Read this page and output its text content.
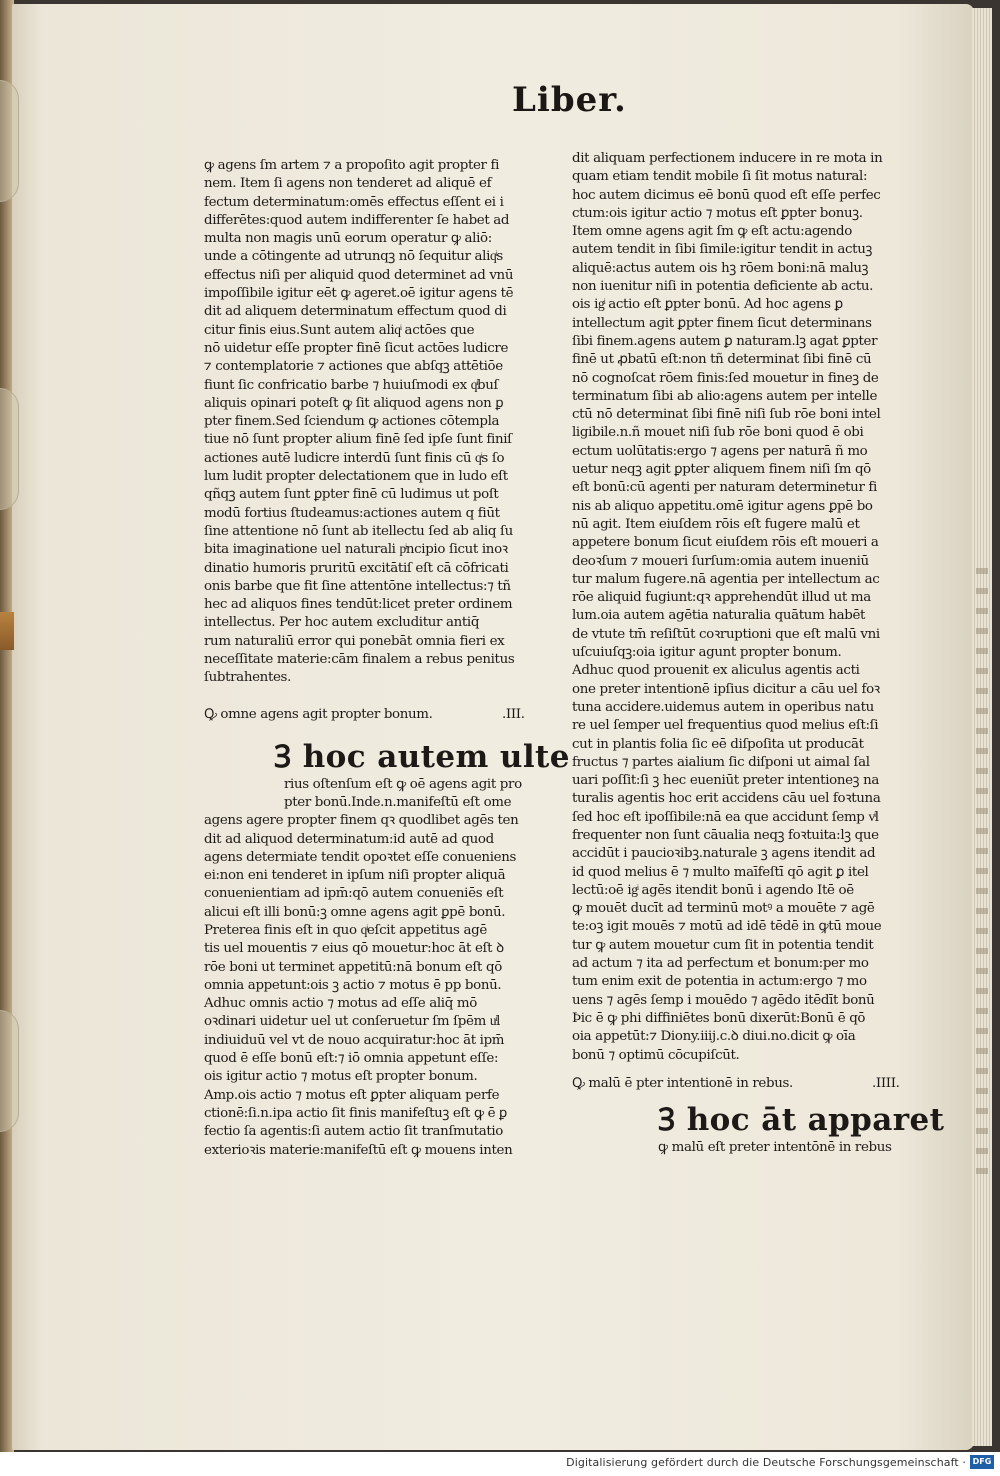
Liber.
ꝙ agens ſm artem ⁊ a propoſito agit propter fi
nem. Item ſi agens non tenderet ad aliquē ef
fectum determinatum:omēs effectus eſſent ei i
differētes:quod autem indifferenter ſe habet ad
multa non magis unū eorum operatur ꝙ aliō:
unde a cōtingente ad utrunqꝫ nō ſequitur aliqͥs
effectus niſi per aliquid quod determinet ad vnū
impoſſibile igitur eēt ꝙ ageret.oē igitur agens tē
dit ad aliquem determinatum effectum quod di
citur finis eius.Sunt autem aliqͥ actōes que
nō uidetur eſſe propter finē ſicut actōes ludicre
⁊ contemplatorie ⁊ actiones que abſqꝫ attētiōe
fiunt ſic confricatio barbe ⁊ huiuſmodi ex qͥbuſ
aliquis opinari poteſt ꝙ ſit aliquod agens non ꝑ
pter finem.Sed ſciendum ꝙ actiones cōtempla
tiue nō ſunt propter alium finē ſed ipſe ſunt finiſ
actiones autē ludicre interdū ſunt finis cū qͥs ſo
lum ludit propter delectationem que in ludo eſt
qñqꝫ autem ſunt ꝑpter finē cū ludimus ut poſt
modū fortius ſtudeamus:actiones autem q fiūt
ſine attentione nō ſunt ab itellectu ſed ab aliq ſu
bita imaginatione uel naturali pͥncipio ſicut inoꝛ
dinatio humoris pruritū excitātiſ eſt cā cōfricati
onis barbe que fit ſine attentōne intellectus:⁊ tñ
hec ad aliquos fines tendūt:licet preter ordinem
intellectus. Per hoc autem excluditur antiq̄
rum naturaliū error qui ponebāt omnia fieri ex
neceſſitate materie:cām finalem a rebus penitus
ſubtrahentes.
Ꝙ omne agens agit propter bonum.	.III.
Ꝫ hoc autem ulte
rius oſtenſum eſt ꝙ oē agens agit pro
pter bonū.Inde.n.manifeſtū eſt ome
agens agere propter finem qꝛ quodlibet agēs ten
dit ad aliquod determinatum:id autē ad quod
agens determiate tendit opoꝛtet eſſe conueniens
ei:non eni tenderet in ipſum niſi propter aliquā
conuenientiam ad ipm̄:qō autem conueniēs eſt
alicui eſt illi bonū:ꝫ omne agens agit ꝑpē bonū.
Preterea finis eſt in quo qͥeſcit appetitus agē
tis uel mouentis ⁊ eius qō mouetur:hoc āt eſt ꝺ
rōe boni ut terminet appetitū:nā bonum eſt qō
omnia appetunt:ois ꝫ actio ⁊ motus ē pp bonū.
Adhuc omnis actio ⁊ motus ad eſſe aliq̄ mō
oꝛdinari uidetur uel ut conſeruetur ſm ſpēm uͥl
indiuiduū vel vt de nouo acquiratur:hoc āt ipm̄
quod ē eſſe bonū eſt:⁊ iō omnia appetunt eſſe:
ois igitur actio ⁊ motus eſt propter bonum.
Amp.ois actio ⁊ motus eſt ꝑpter aliquam perfe
ctionē:ſi.n.ipa actio ſit finis manifeſtuꝫ eſt ꝙ ē ꝑ
fectio ſa agentis:ſi autem actio ſit tranſmutatio
exterioꝛis materie:manifeſtū eſt ꝙ mouens inten
dit aliquam perfectionem inducere in re mota in
quam etiam tendit mobile ſi ſit motus natural:
hoc autem dicimus eē bonū quod eſt eſſe perfec
ctum:ois igitur actio ⁊ motus eſt ꝑpter bonuꝫ.
Item omne agens agit ſm ꝙ eſt actu:agendo
autem tendit in ſibi ſimile:igitur tendit in actuꝫ
aliquē:actus autem ois hꝫ rōem boni:nā maluꝫ
non iuenitur niſi in potentia deficiente ab actu.
ois igͥ actio eſt ꝑpter bonū. Ad hoc agens ꝑ
intellectum agit ꝑpter finem ſicut determinans
ſibi finem.agens autem ꝑ naturam.lꝫ agat ꝑpter
finē ut ꝓbatū eſt:non tñ determinat ſibi finē cū
nō cognoſcat rōem finis:ſed mouetur in fineꝫ de
terminatum ſibi ab alio:agens autem per intelle
ctū nō determinat ſibi finē niſi ſub rōe boni intel
ligibile.n.ñ mouet niſi ſub rōe boni quod ē obi
ectum uolūtatis:ergo ⁊ agens per naturā ñ mo
uetur neqꝫ agit ꝑpter aliquem finem niſi ſm qō
eſt bonū:cū agenti per naturam determinetur fi
nis ab aliquo appetitu.omē igitur agens ꝑpē bo
nū agit. Item eiuſdem rōis eſt fugere malū et
appetere bonum ſicut eiuſdem rōis eſt moueri a
deoꝛſum ⁊ moueri ſurſum:omia autem inueniū
tur malum fugere.nā agentia per intellectum ac
rōe aliquid fugiunt:qꝛ apprehendūt illud ut ma
lum.oia autem agētia naturalia quātum habēt
de vtute tm̄ reſiſtūt coꝛruptioni que eſt malū vni
uſcuiuſqꝫ:oia igitur agunt propter bonum.
Adhuc quod prouenit ex aliculus agentis acti
one preter intentionē ipſius dicitur a cāu uel foꝛ
tuna accidere.uidemus autem in operibus natu
re uel ſemper uel frequentius quod melius eſt:ſi
cut in plantis folia ſic eē diſpoſita ut producāt
fructus ⁊ partes aialium ſic diſponi ut aimal ſal
uari poſſit:ſi ꝫ hec eueniūt preter intentioneꝫ na
turalis agentis hoc erit accidens cāu uel foꝛtuna
ſed hoc eſt ipoſſibile:nā ea que accidunt ſemp vͥl
frequenter non ſunt cāualia neqꝫ foꝛtuita:lꝫ que
accidūt i paucioꝛibꝫ.naturale ꝫ agens itendit ad
id quod melius ē ⁊ multo maīfeſtī qō agit ꝑ itel
lectū:oē igͥ agēs itendit bonū i agendo Itē oē
ꝙ mouēt ducīt ad terminū motꝰ a mouēte ⁊ agē
te:oꝫ igit mouēs ⁊ motū ad idē tēdē in ꝙtū moue
tur ꝙ autem mouetur cum ſit in potentia tendit
ad actum ⁊ ita ad perfectum et bonum:per mo
tum enim exit de potentia in actum:ergo ⁊ mo
uens ⁊ agēs ſemp i mouēdo ⁊ agēdo itēdīt bonū
Þic ē ꝙ phi diffiniētes bonū dixerūt:Bonū ē qō
oia appetūt:⁊ Diony.iiij.c.ꝺ diui.no.dicit ꝙ oīa
bonū ⁊ optimū cōcupiſcūt.
Ꝙ malū ē pter intentionē in rebus.	.IIII.
Ꝫ hoc āt apparet
ꝙ malū eſt preter intentōnē in rebus
Digitalisierung gefördert durch die Deutsche Forschungsgemeinschaft · DFG
